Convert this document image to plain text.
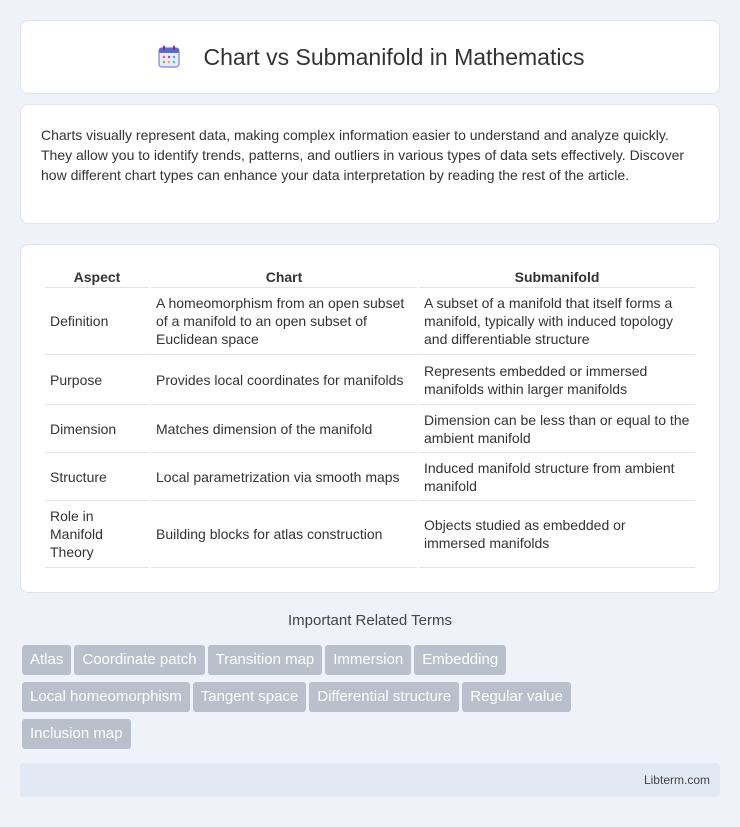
Chart vs Submanifold in Mathematics

Charts visually represent data, making complex information easier to understand and analyze quickly. They allow you to identify trends, patterns, and outliers in various types of data sets effectively. Discover how different chart types can enhance your data interpretation by reading the rest of the article.

Aspect	Chart	Submanifold
Definition	A homeomorphism from an open subset of a manifold to an open subset of Euclidean space	A subset of a manifold that itself forms a manifold, typically with induced topology and differentiable structure
Purpose	Provides local coordinates for manifolds	Represents embedded or immersed manifolds within larger manifolds
Dimension	Matches dimension of the manifold	Dimension can be less than or equal to the ambient manifold
Structure	Local parametrization via smooth maps	Induced manifold structure from ambient manifold
Role in Manifold Theory	Building blocks for atlas construction	Objects studied as embedded or immersed manifolds
Important Related Terms
Atlas Coordinate patch Transition map Immersion Embedding
Local homeomorphism Tangent space Differential structure Regular value
Inclusion map
Libterm.com
